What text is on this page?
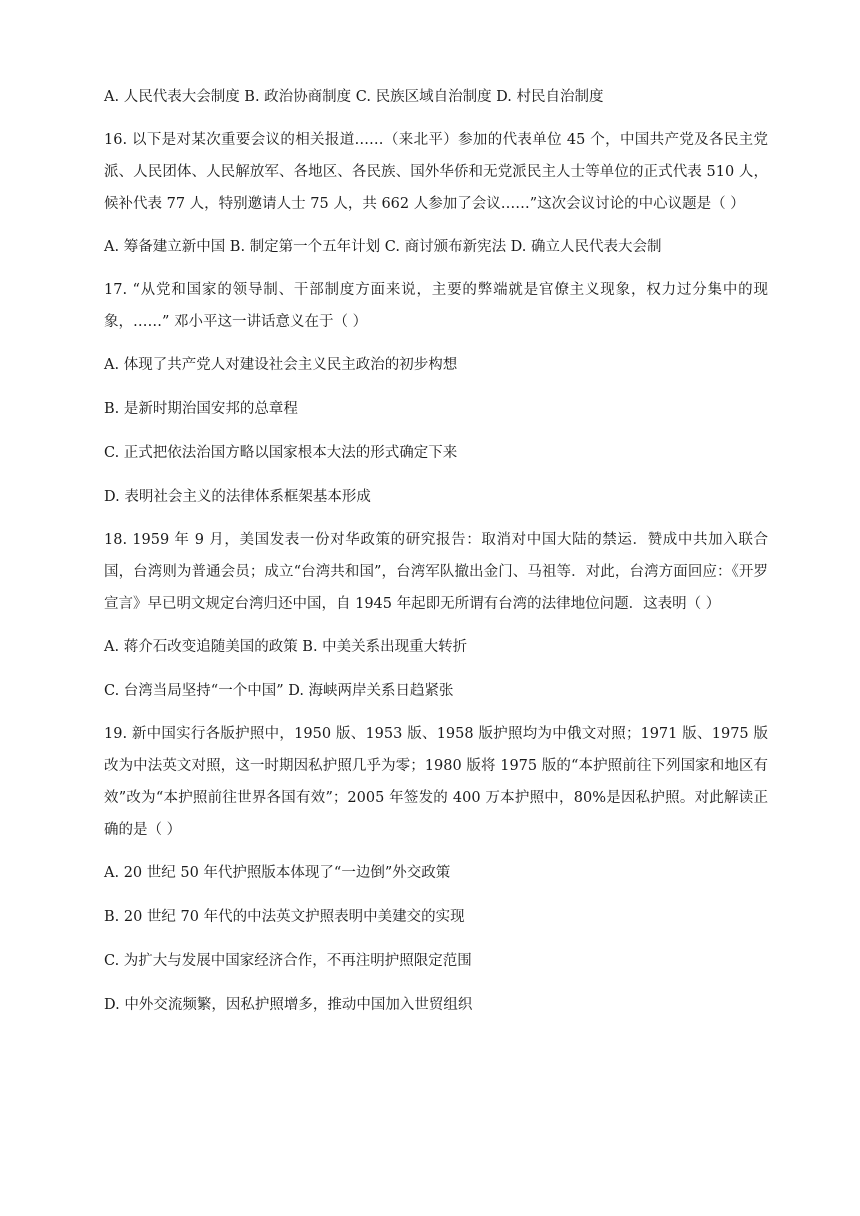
A. 人民代表大会制度 B. 政治协商制度 C. 民族区域自治制度 D. 村民自治制度

16. 以下是对某次重要会议的相关报道……（来北平）参加的代表单位 45 个，中国共产党及各民主党派、人民团体、人民解放军、各地区、各民族、国外华侨和无党派民主人士等单位的正式代表 510 人，候补代表 77 人，特别邀请人士 75 人，共 662 人参加了会议……”这次会议讨论的中心议题是（ ）

A. 筹备建立新中国 B. 制定第一个五年计划 C. 商讨颁布新宪法 D. 确立人民代表大会制

17. “从党和国家的领导制、干部制度方面来说，主要的弊端就是官僚主义现象，权力过分集中的现象，……” 邓小平这一讲话意义在于（ ）

A. 体现了共产党人对建设社会主义民主政治的初步构想

B. 是新时期治国安邦的总章程

C. 正式把依法治国方略以国家根本大法的形式确定下来

D. 表明社会主义的法律体系框架基本形成

18. 1959 年 9 月，美国发表一份对华政策的研究报告：取消对中国大陆的禁运．赞成中共加入联合国，台湾则为普通会员；成立“台湾共和国”，台湾军队撤出金门、马祖等．对此，台湾方面回应：《开罗宣言》早已明文规定台湾归还中国，自 1945 年起即无所谓有台湾的法律地位问题．这表明（ ）

A. 蒋介石改变追随美国的政策 B. 中美关系出现重大转折

C. 台湾当局坚持“一个中国” D. 海峡两岸关系日趋紧张

19. 新中国实行各版护照中，1950 版、1953 版、1958 版护照均为中俄文对照；1971 版、1975 版改为中法英文对照，这一时期因私护照几乎为零；1980 版将 1975 版的“本护照前往下列国家和地区有效”改为“本护照前往世界各国有效”；2005 年签发的 400 万本护照中，80%是因私护照。对此解读正确的是（ ）

A. 20 世纪 50 年代护照版本体现了“一边倒”外交政策

B. 20 世纪 70 年代的中法英文护照表明中美建交的实现

C. 为扩大与发展中国家经济合作，不再注明护照限定范围

D. 中外交流频繁，因私护照增多，推动中国加入世贸组织
